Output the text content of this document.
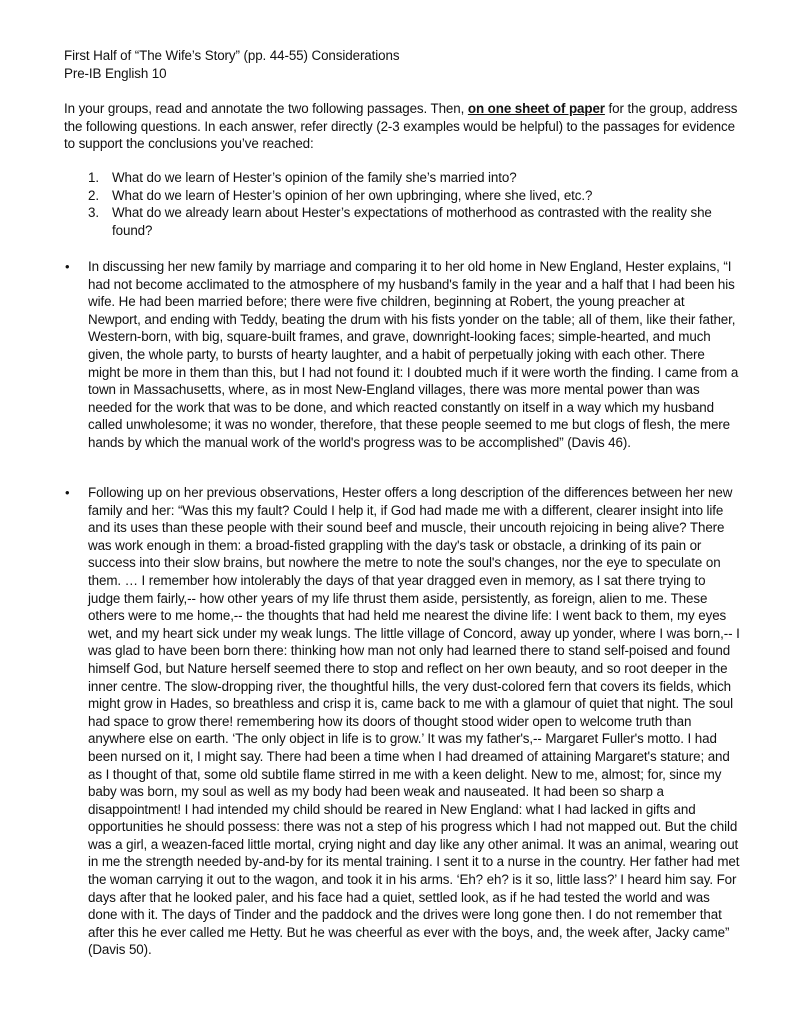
First Half of “The Wife’s Story” (pp. 44-55) Considerations
Pre-IB English 10
In your groups, read and annotate the two following passages. Then, on one sheet of paper for the group, address the following questions. In each answer, refer directly (2-3 examples would be helpful) to the passages for evidence to support the conclusions you’ve reached:
1. What do we learn of Hester’s opinion of the family she’s married into?
2. What do we learn of Hester’s opinion of her own upbringing, where she lived, etc.?
3. What do we already learn about Hester’s expectations of motherhood as contrasted with the reality she found?
• In discussing her new family by marriage and comparing it to her old home in New England, Hester explains, “I had not become acclimated to the atmosphere of my husband's family in the year and a half that I had been his wife. He had been married before; there were five children, beginning at Robert, the young preacher at Newport, and ending with Teddy, beating the drum with his fists yonder on the table; all of them, like their father, Western-born, with big, square-built frames, and grave, downright-looking faces; simple-hearted, and much given, the whole party, to bursts of hearty laughter, and a habit of perpetually joking with each other. There might be more in them than this, but I had not found it: I doubted much if it were worth the finding. I came from a town in Massachusetts, where, as in most New-England villages, there was more mental power than was needed for the work that was to be done, and which reacted constantly on itself in a way which my husband called unwholesome; it was no wonder, therefore, that these people seemed to me but clogs of flesh, the mere hands by which the manual work of the world's progress was to be accomplished” (Davis 46).
• Following up on her previous observations, Hester offers a long description of the differences between her new family and her: “Was this my fault? Could I help it, if God had made me with a different, clearer insight into life and its uses than these people with their sound beef and muscle, their uncouth rejoicing in being alive? There was work enough in them: a broad-fisted grappling with the day's task or obstacle, a drinking of its pain or success into their slow brains, but nowhere the metre to note the soul's changes, nor the eye to speculate on them. … I remember how intolerably the days of that year dragged even in memory, as I sat there trying to judge them fairly,-- how other years of my life thrust them aside, persistently, as foreign, alien to me. These others were to me home,-- the thoughts that had held me nearest the divine life: I went back to them, my eyes wet, and my heart sick under my weak lungs. The little village of Concord, away up yonder, where I was born,-- I was glad to have been born there: thinking how man not only had learned there to stand self-poised and found himself God, but Nature herself seemed there to stop and reflect on her own beauty, and so root deeper in the inner centre. The slow-dropping river, the thoughtful hills, the very dust-colored fern that covers its fields, which might grow in Hades, so breathless and crisp it is, came back to me with a glamour of quiet that night. The soul had space to grow there! remembering how its doors of thought stood wider open to welcome truth than anywhere else on earth. ‘The only object in life is to grow.’ It was my father's,-- Margaret Fuller's motto. I had been nursed on it, I might say. There had been a time when I had dreamed of attaining Margaret's stature; and as I thought of that, some old subtile flame stirred in me with a keen delight. New to me, almost; for, since my baby was born, my soul as well as my body had been weak and nauseated. It had been so sharp a disappointment! I had intended my child should be reared in New England: what I had lacked in gifts and opportunities he should possess: there was not a step of his progress which I had not mapped out. But the child was a girl, a weazen-faced little mortal, crying night and day like any other animal. It was an animal, wearing out in me the strength needed by-and-by for its mental training. I sent it to a nurse in the country. Her father had met the woman carrying it out to the wagon, and took it in his arms. ‘Eh? eh? is it so, little lass?’ I heard him say. For days after that he looked paler, and his face had a quiet, settled look, as if he had tested the world and was done with it. The days of Tinder and the paddock and the drives were long gone then. I do not remember that after this he ever called me Hetty. But he was cheerful as ever with the boys, and, the week after, Jacky came” (Davis 50).
